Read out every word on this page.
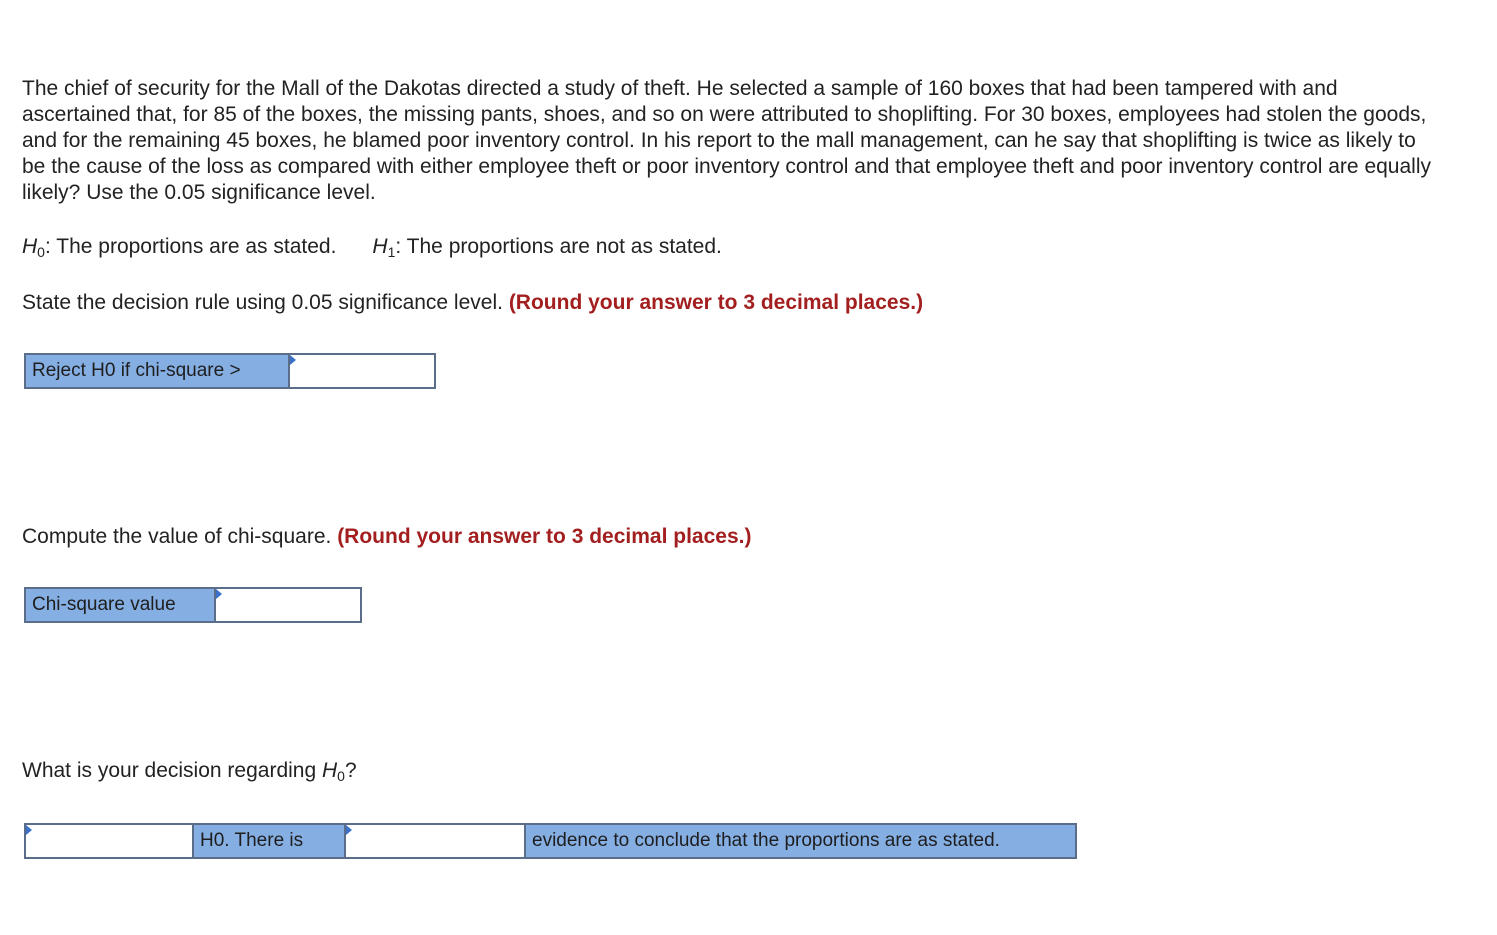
The chief of security for the Mall of the Dakotas directed a study of theft. He selected a sample of 160 boxes that had been tampered with and ascertained that, for 85 of the boxes, the missing pants, shoes, and so on were attributed to shoplifting. For 30 boxes, employees had stolen the goods, and for the remaining 45 boxes, he blamed poor inventory control. In his report to the mall management, can he say that shoplifting is twice as likely to be the cause of the loss as compared with either employee theft or poor inventory control and that employee theft and poor inventory control are equally likely? Use the 0.05 significance level.

$H_0$: The proportions are as stated. $H_1$: The proportions are not as stated.

State the decision rule using 0.05 significance level. (Round your answer to 3 decimal places.)

Reject H0 if chi-square >

Compute the value of chi-square. (Round your answer to 3 decimal places.)

Chi-square value

What is your decision regarding $H_0$?

H0. There is	evidence to conclude that the proportions are as stated.
